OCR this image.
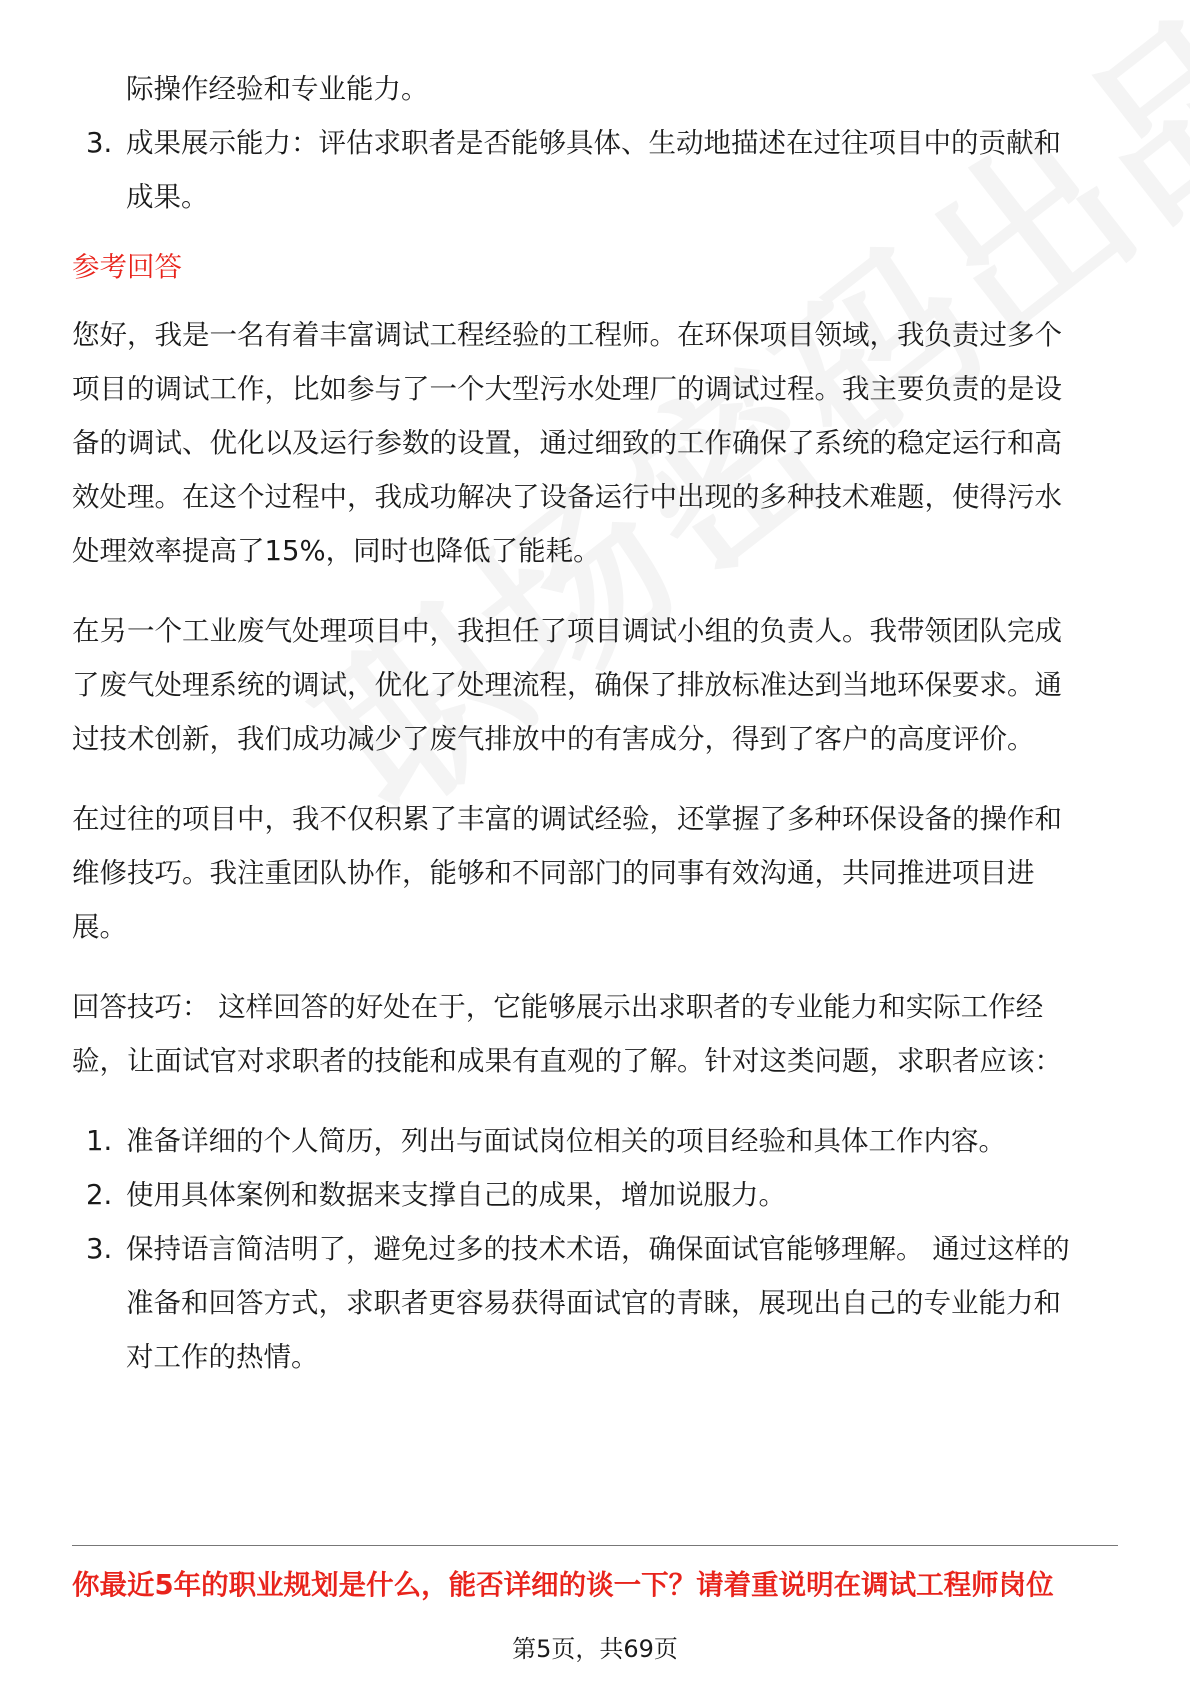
际操作经验和专业能力。
3. 成果展示能力：评估求职者是否能够具体、生动地描述在过往项目中的贡献和
成果。
参考回答
您好，我是一名有着丰富调试工程经验的工程师。在环保项目领域，我负责过多个
项目的调试工作，比如参与了一个大型污水处理厂的调试过程。我主要负责的是设
备的调试、优化以及运行参数的设置，通过细致的工作确保了系统的稳定运行和高
效处理。在这个过程中，我成功解决了设备运行中出现的多种技术难题，使得污水
处理效率提高了15%，同时也降低了能耗。
在另一个工业废气处理项目中，我担任了项目调试小组的负责人。我带领团队完成
了废气处理系统的调试，优化了处理流程，确保了排放标准达到当地环保要求。通
过技术创新，我们成功减少了废气排放中的有害成分，得到了客户的高度评价。
在过往的项目中，我不仅积累了丰富的调试经验，还掌握了多种环保设备的操作和
维修技巧。我注重团队协作，能够和不同部门的同事有效沟通，共同推进项目进
展。
回答技巧： 这样回答的好处在于，它能够展示出求职者的专业能力和实际工作经
验，让面试官对求职者的技能和成果有直观的了解。针对这类问题，求职者应该：
1. 准备详细的个人简历，列出与面试岗位相关的项目经验和具体工作内容。
2. 使用具体案例和数据来支撑自己的成果，增加说服力。
3. 保持语言简洁明了，避免过多的技术术语，确保面试官能够理解。 通过这样的
准备和回答方式，求职者更容易获得面试官的青睐，展现出自己的专业能力和
对工作的热情。
你最近5年的职业规划是什么，能否详细的谈一下？请着重说明在调试工程师岗位
第5页，共69页
